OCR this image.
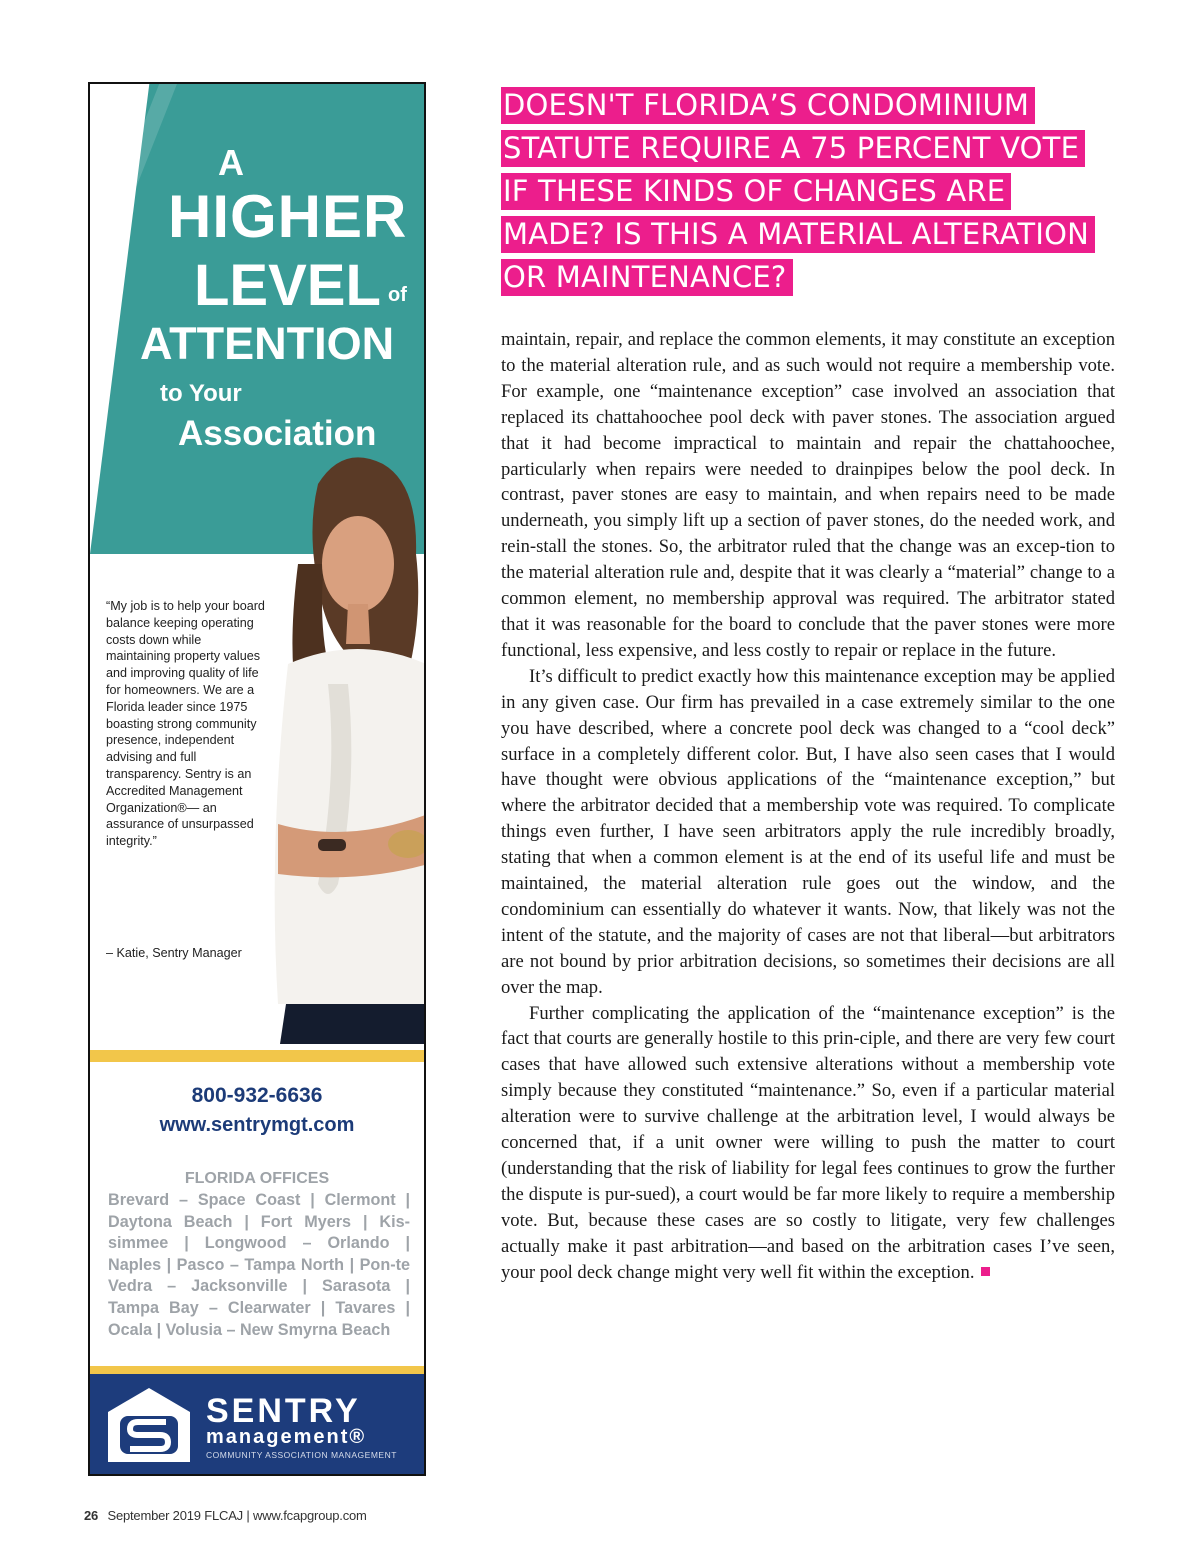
A
HIGHER
LEVEL of
ATTENTION
to Your
Association

“My job is to help your board balance keeping operating costs down while maintaining property values and improving quality of life for homeowners. We are a Florida leader since 1975 boasting strong community presence, independent advising and full transparency. Sentry is an Accredited Management Organization®— an assurance of unsurpassed integrity.”

– Katie, Sentry Manager
800-932-6636
www.sentrymgt.com
FLORIDA OFFICES

Brevard – Space Coast | Clermont | Daytona Beach | Fort Myers | Kis-simmee | Longwood – Orlando | Naples | Pasco – Tampa North | Pon-te Vedra – Jacksonville | Sarasota | Tampa Bay – Clearwater | Tavares | Ocala | Volusia – New Smyrna Beach

SENTRY
management®
COMMUNITY ASSOCIATION MANAGEMENT
DOESN'T FLORIDA’S CONDOMINIUM
STATUTE REQUIRE A 75 PERCENT VOTE
IF THESE KINDS OF CHANGES ARE
MADE? IS THIS A MATERIAL ALTERATION
OR MAINTENANCE?

maintain, repair, and replace the common elements, it may constitute an exception to the material alteration rule, and as such would not require a membership vote. For example, one “maintenance exception” case involved an association that replaced its chattahoochee pool deck with paver stones. The association argued that it had become impractical to maintain and repair the chattahoochee, particularly when repairs were needed to drainpipes below the pool deck. In contrast, paver stones are easy to maintain, and when repairs need to be made underneath, you simply lift up a section of paver stones, do the needed work, and rein-stall the stones. So, the arbitrator ruled that the change was an excep-tion to the material alteration rule and, despite that it was clearly a “material” change to a common element, no membership approval was required. The arbitrator stated that it was reasonable for the board to conclude that the paver stones were more functional, less expensive, and less costly to repair or replace in the future.

It’s difficult to predict exactly how this maintenance exception may be applied in any given case. Our firm has prevailed in a case extremely similar to the one you have described, where a concrete pool deck was changed to a “cool deck” surface in a completely different color. But, I have also seen cases that I would have thought were obvious applications of the “maintenance exception,” but where the arbitrator decided that a membership vote was required. To complicate things even further, I have seen arbitrators apply the rule incredibly broadly, stating that when a common element is at the end of its useful life and must be maintained, the material alteration rule goes out the window, and the condominium can essentially do whatever it wants. Now, that likely was not the intent of the statute, and the majority of cases are not that liberal—but arbitrators are not bound by prior arbitration decisions, so sometimes their decisions are all over the map.

Further complicating the application of the “maintenance exception” is the fact that courts are generally hostile to this prin-ciple, and there are very few court cases that have allowed such extensive alterations without a membership vote simply because they constituted “maintenance.” So, even if a particular material alteration were to survive challenge at the arbitration level, I would always be concerned that, if a unit owner were willing to push the matter to court (understanding that the risk of liability for legal fees continues to grow the further the dispute is pur-sued), a court would be far more likely to require a membership vote. But, because these cases are so costly to litigate, very few challenges actually make it past arbitration—and based on the arbitration cases I’ve seen, your pool deck change might very well fit within the exception.

26 September 2019 FLCAJ | www.fcapgroup.com
